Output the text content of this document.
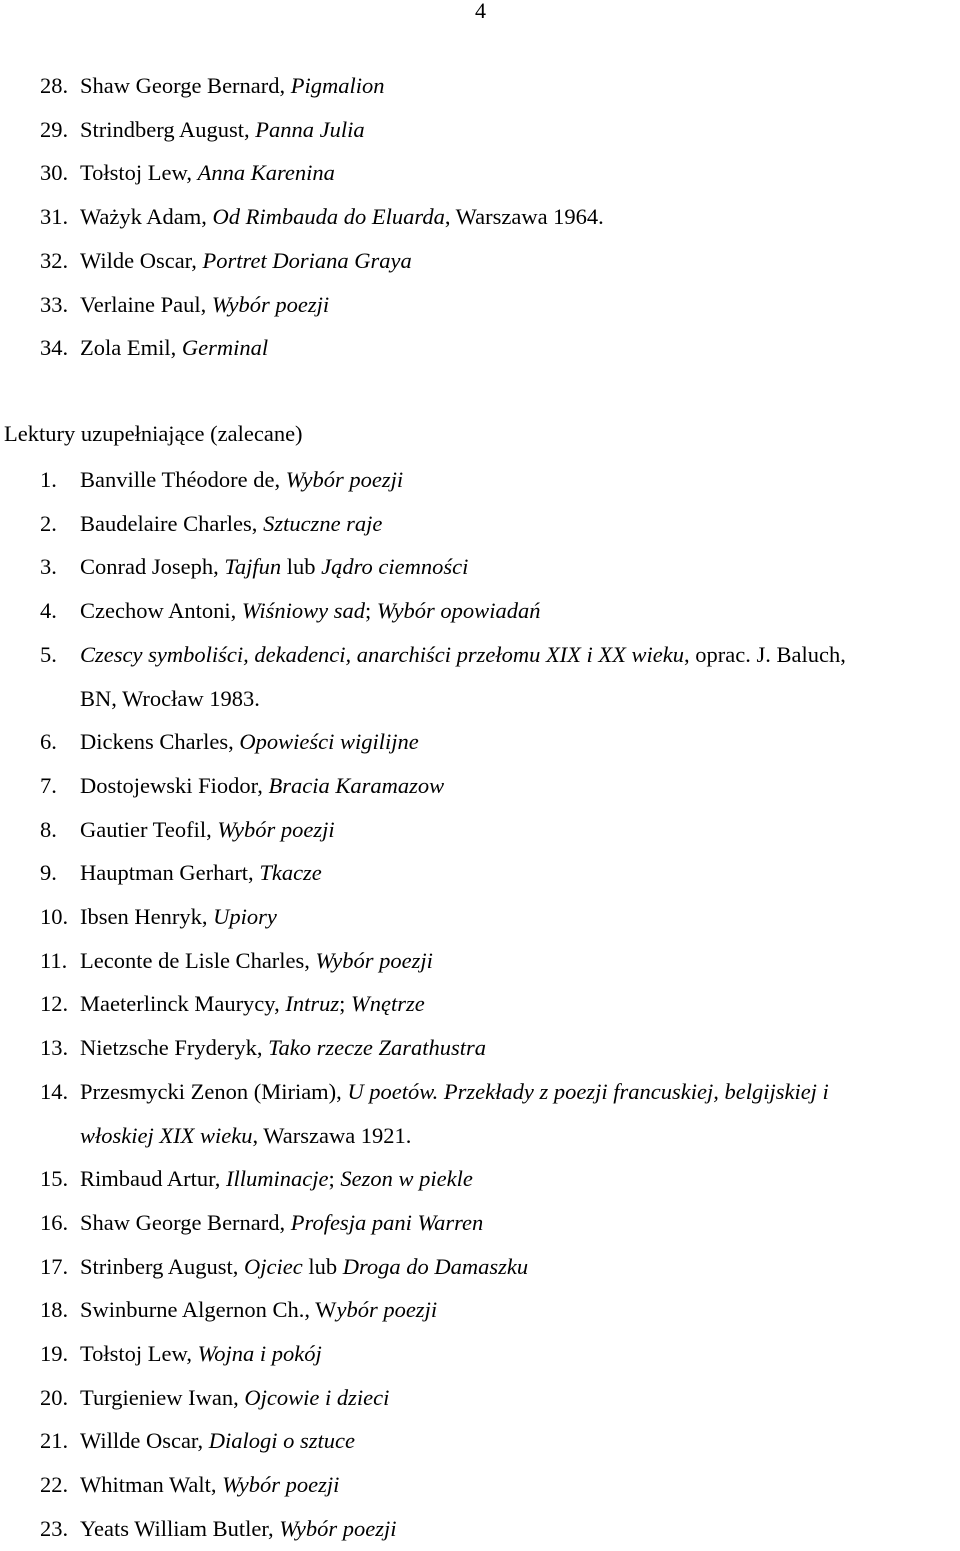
4
28. Shaw George Bernard, Pigmalion
29. Strindberg August, Panna Julia
30. Tołstoj Lew, Anna Karenina
31. Ważyk Adam, Od Rimbauda do Eluarda, Warszawa 1964.
32. Wilde Oscar, Portret Doriana Graya
33. Verlaine Paul, Wybór poezji
34. Zola Emil, Germinal
Lektury uzupełniające (zalecane)
1.	Banville Théodore de, Wybór poezji
2.	Baudelaire Charles, Sztuczne raje
3.	Conrad Joseph, Tajfun lub Jądro ciemności
4.	Czechow Antoni, Wiśniowy sad; Wybór opowiadań
5.	Czescy symboliści, dekadenci, anarchiści przełomu XIX i XX wieku, oprac. J. Baluch,
BN, Wrocław 1983.
6.	Dickens Charles, Opowieści wigilijne
7.	Dostojewski Fiodor, Bracia Karamazow
8.	Gautier Teofil, Wybór poezji
9.	Hauptman Gerhart, Tkacze
10. Ibsen Henryk, Upiory
11. Leconte de Lisle Charles, Wybór poezji
12. Maeterlinck Maurycy, Intruz; Wnętrze
13. Nietzsche Fryderyk, Tako rzecze Zarathustra
14. Przesmycki Zenon (Miriam), U poetów. Przekłady z poezji francuskiej, belgijskiej i
włoskiej XIX wieku, Warszawa 1921.
15. Rimbaud Artur, Illuminacje; Sezon w piekle
16. Shaw George Bernard, Profesja pani Warren
17. Strinberg August, Ojciec lub Droga do Damaszku
18. Swinburne Algernon Ch., Wybór poezji
19. Tołstoj Lew, Wojna i pokój
20. Turgieniew Iwan, Ojcowie i dzieci
21. Willde Oscar, Dialogi o sztuce
22. Whitman Walt, Wybór poezji
23. Yeats William Butler, Wybór poezji
